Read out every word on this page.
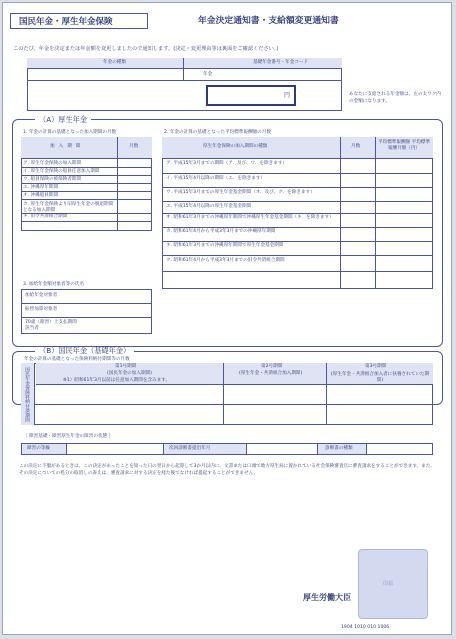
国民年金・厚生年金保険	年金決定通知書・支給額変更通知書
このたび、年金を決定または年金額を変更しましたので通知します。(決定・変更理由等は裏面をご確認ください。)
年金の種類	基礎年金番号・年金コード
年金
円	あなたに支給される年金額は、左の太ワク内の金額になります。
（A）厚生年金
1. 年金の計算の基礎となった加入期間の月数
加入期間	月数
ア. 厚生年金保険の加入期間
イ. 厚生年金保険の船員任意加入期間
ウ. 船員保険の被保険者期間
エ. 沖縄厚年期間
オ. 沖縄船員期間
カ. 厚生年金保険より旧厚生年金の脱退期間となる加入期間
キ. 旧令共済組合期間
2. 年金の計算の基礎となった平均標準報酬額の月数
厚生年金保険の加入期間の種類	月数
平均標準報酬額 平均標準報酬月額（円）
ア. 平成15年3月までの期間（ア．及び、ウ．を除きます）
イ. 平成15年4月以降の期間（エ．を除きます）
ウ. 平成15年3月までの厚生年金基金期間（オ．及び、ク．を除きます）
エ. 平成15年4月以降の厚生年金基金期間
オ. 昭和61年3月までの沖縄厚年期間で沖縄厚生年金基金期間（キ．を除きます）
カ. 昭和61年4月から平成3年3月までの沖縄厚年期間
キ. 昭和61年3月までの沖縄厚年期間で厚生年金基金期間
ク. 昭和61年4月から平成3年3月までの旧令共済組合期間
3. 加給年金額対象者等の氏名
加給年金対象者
振替加算対象者
70歳（障害）上支払期間該当者
（B）国民年金（基礎年金）
年金の計算の基礎となった保険料納付期間等の月数
国民年金保険料納付済期間
第1号期間
(国民年金の加入期間)
※1）昭和61年3月以前は任意加入期間を含みます。
第2号期間
(厚生年金・共済組合加入期間)
第3号期間
(厚生年金・共済組合加入者に扶養されていた期間)
［ 障害基礎・障害厚生年金の障害の状態 ］
障害の等級	次回診断書提出年月	診断書の種類
この決定に不服があるときは、この決定があったことを知った日の翌日から起算して3か月以内に、文書または口頭で地方厚生局に置かれている社会保険審査官に審査請求をすることができます。また、その決定についての処分の取消しの訴えは、審査請求に対する決定を経た後でなければ提起することができません。
印影
厚生労働大臣
1904 1010 010 1006
